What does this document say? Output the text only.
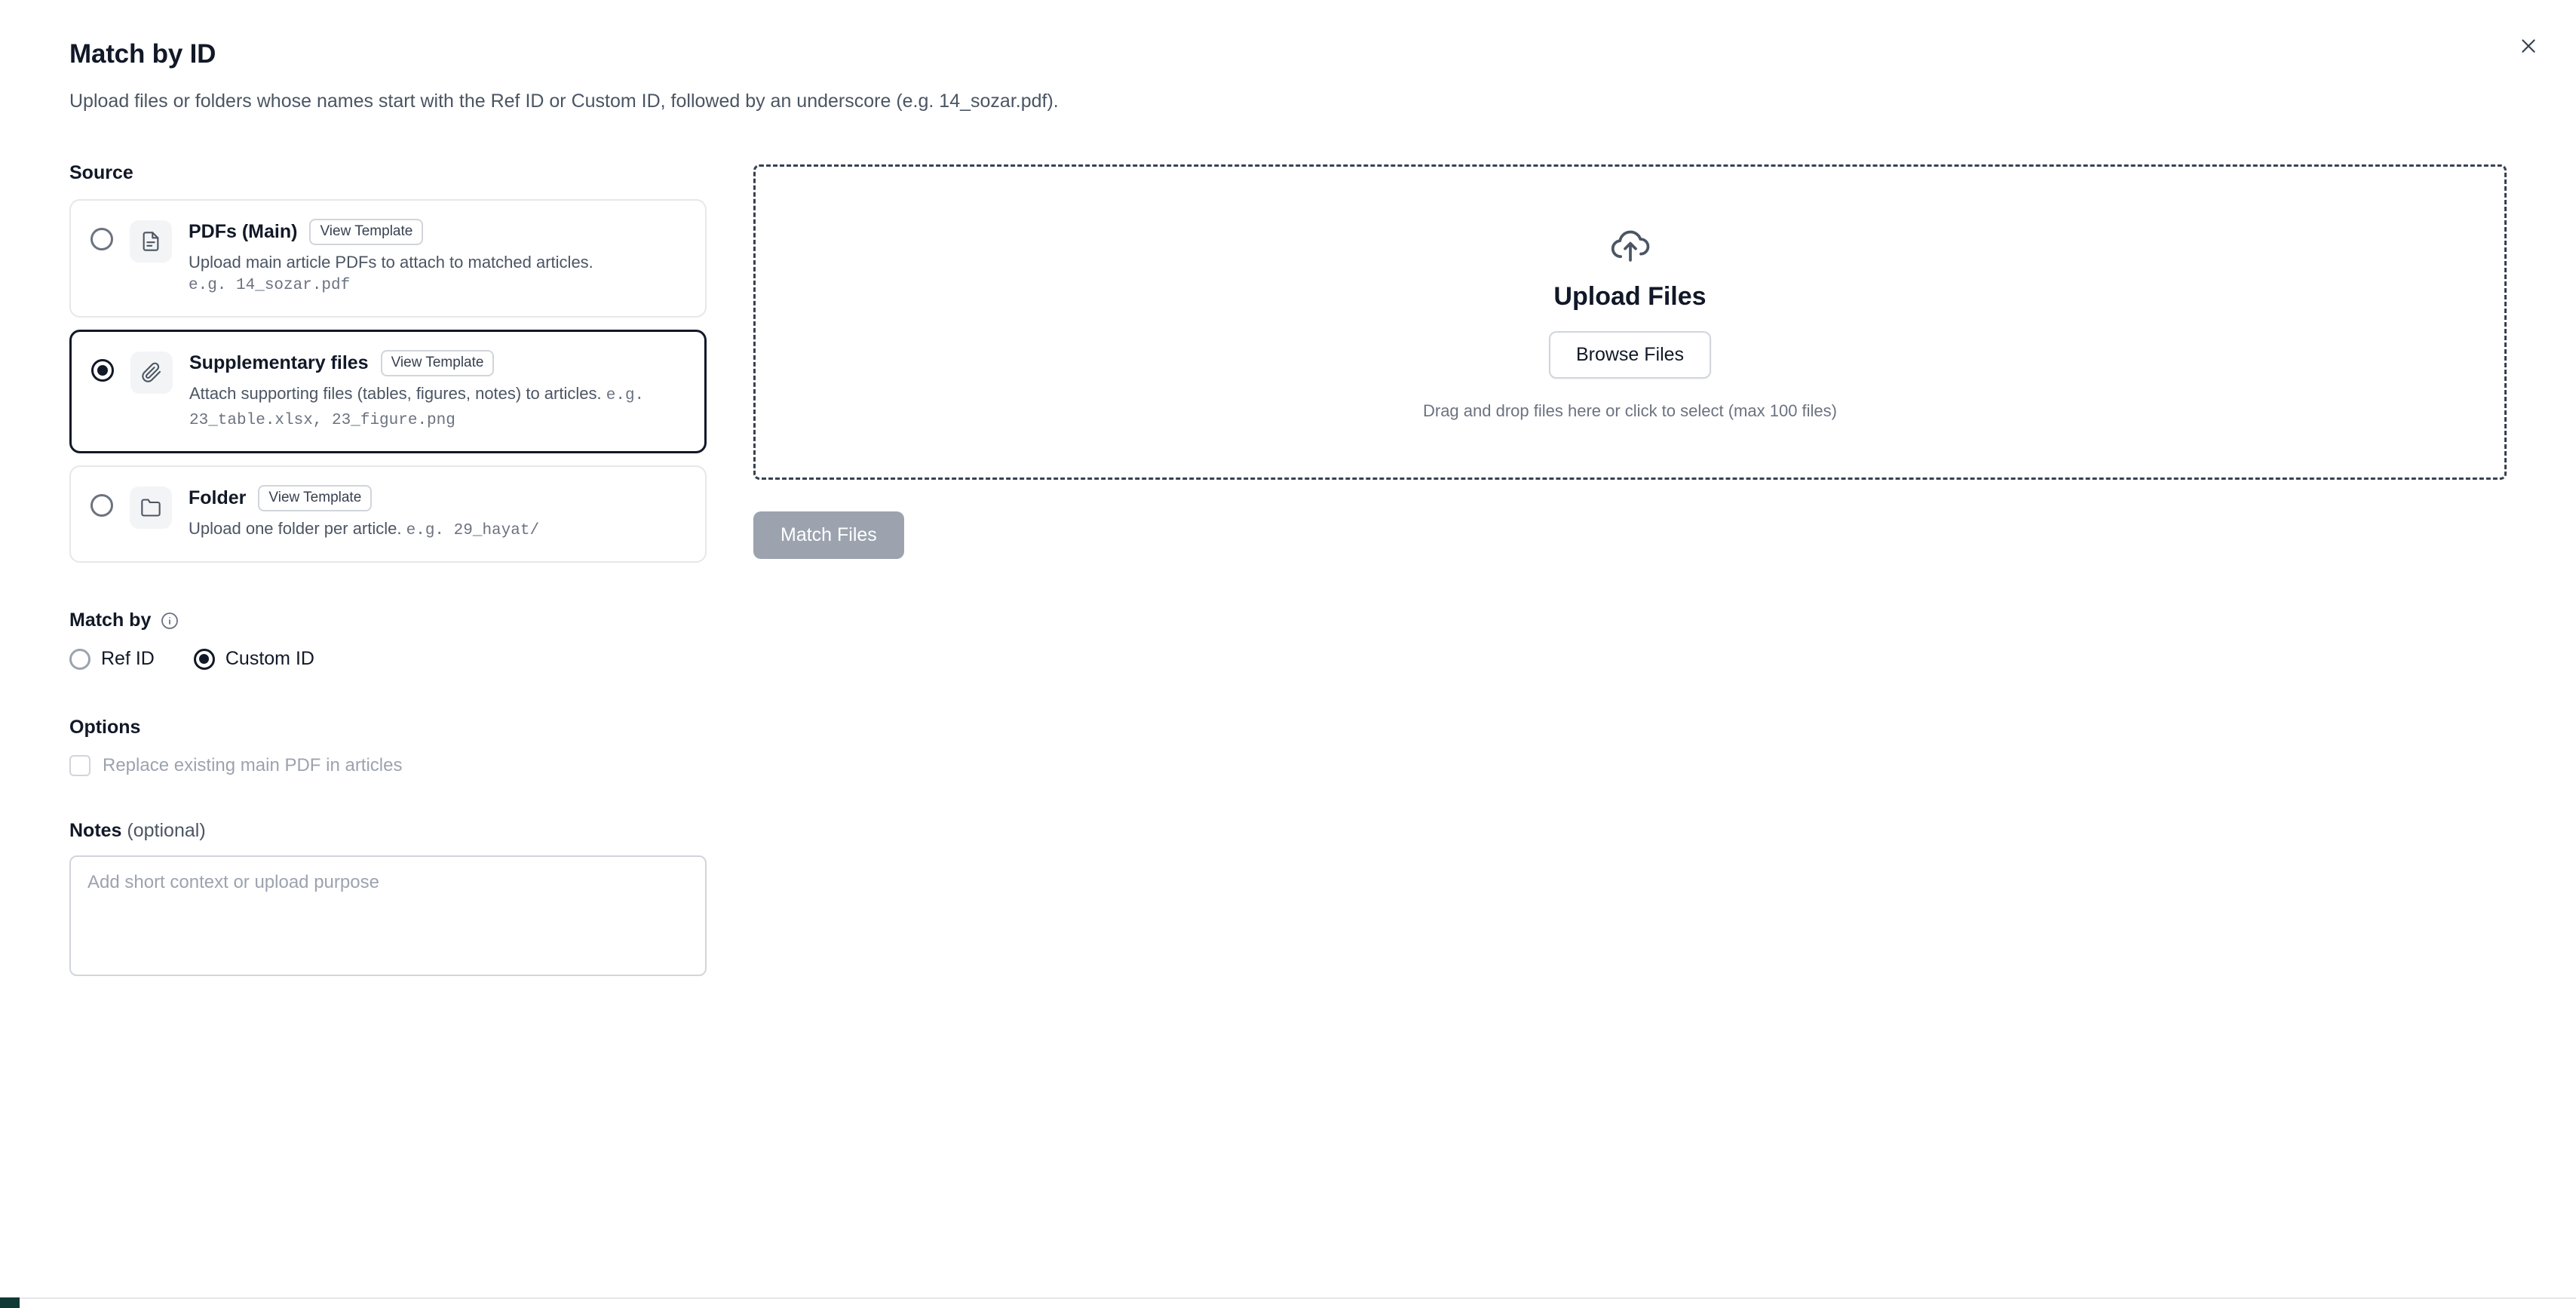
Match by ID

Upload files or folders whose names start with the Ref ID or Custom ID, followed by an underscore (e.g. 14_sozar.pdf).

Source
PDFs (Main)	View Template
Upload main article PDFs to attach to matched articles.
e.g. 14_sozar.pdf
Supplementary files	View Template
Attach supporting files (tables, figures, notes) to articles. e.g. 23_table.xlsx, 23_figure.png
Folder	View Template
Upload one folder per article. e.g. 29_hayat/
Match by
Ref ID	Custom ID
Options
Replace existing main PDF in articles
Notes (optional)
Add short context or upload purpose
Upload Files
Browse Files
Drag and drop files here or click to select (max 100 files)
Match Files
